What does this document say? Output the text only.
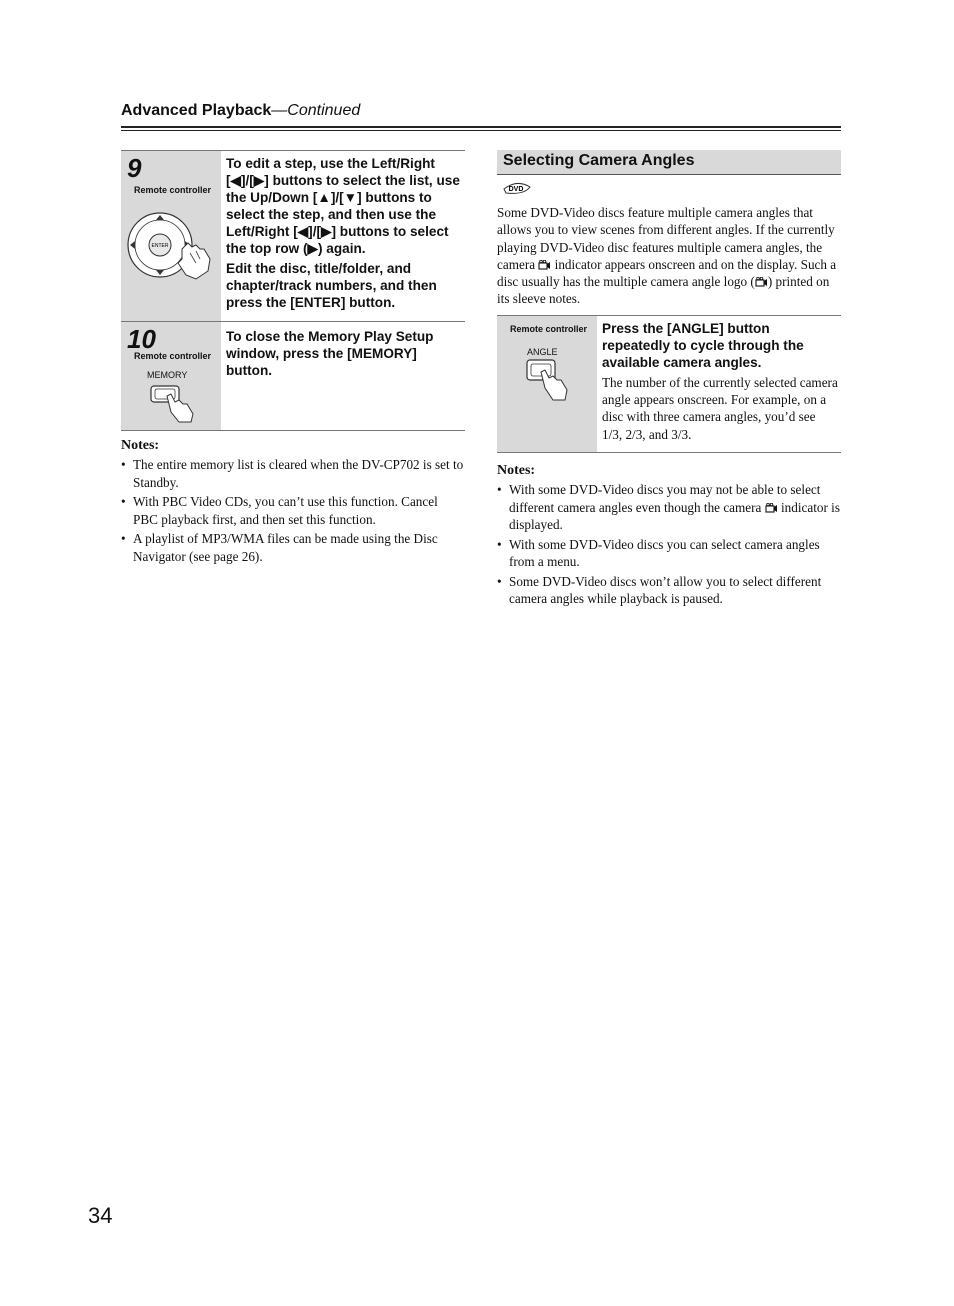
Advanced Playback—Continued
9
Remote controller
ENTER

To edit a step, use the Left/Right [◀]/[▶] buttons to select the list, use the Up/Down [▲]/[▼] buttons to select the step, and then use the Left/Right [◀]/[▶] buttons to select the top row (▶) again.

Edit the disc, title/folder, and chapter/track numbers, and then press the [ENTER] button.

10
Remote controller
MEMORY

To close the Memory Play Setup window, press the [MEMORY] button.

Notes:
• The entire memory list is cleared when the DV-CP702 is set to Standby.
• With PBC Video CDs, you can’t use this function. Cancel PBC playback first, and then set this function.
• A playlist of MP3/WMA files can be made using the Disc Navigator (see page 26).
Selecting Camera Angles
DVD
Some DVD-Video discs feature multiple camera angles that allows you to view scenes from different angles. If the currently playing DVD-Video disc features multiple camera angles, the camera indicator appears onscreen and on the display. Such a disc usually has the multiple camera angle logo ( ) printed on its sleeve notes.
Remote controller
ANGLE
Press the [ANGLE] button repeatedly to cycle through the available camera angles.
The number of the currently selected camera angle appears onscreen. For example, on a disc with three camera angles, you’d see 1/3, 2/3, and 3/3.
Notes:
• With some DVD-Video discs you may not be able to select different camera angles even though the camera indicator is displayed.
• With some DVD-Video discs you can select camera angles from a menu.
• Some DVD-Video discs won’t allow you to select different camera angles while playback is paused.
34
